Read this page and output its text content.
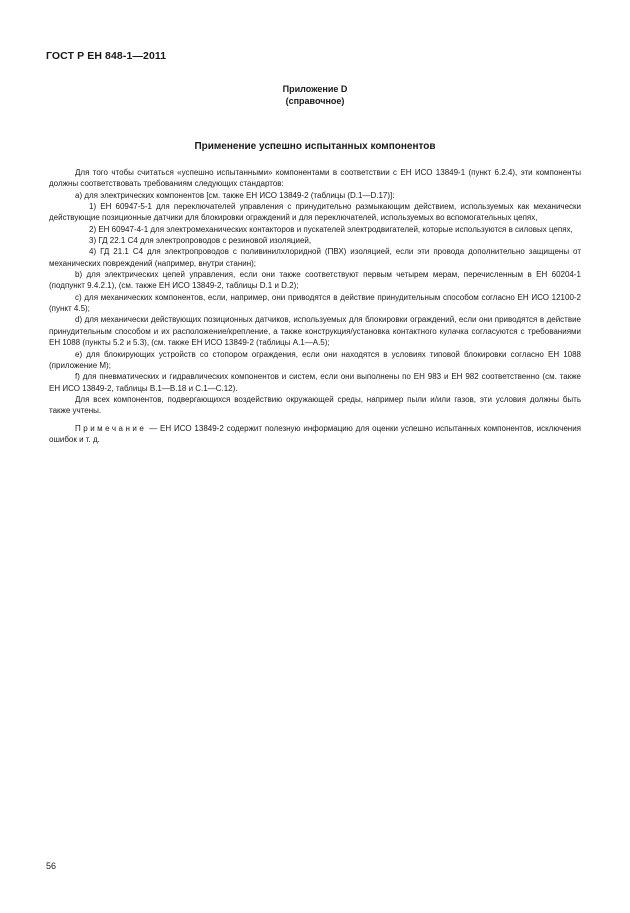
ГОСТ Р ЕН 848-1—2011
Приложение D
(справочное)
Применение успешно испытанных компонентов

Для того чтобы считаться «успешно испытанными» компонентами в соответствии с ЕН ИСО 13849-1 (пункт 6.2.4), эти компоненты должны соответствовать требованиям следующих стандартов:

а) для электрических компонентов [см. также ЕН ИСО 13849-2 (таблицы (D.1—D.17)]:

1) ЕН 60947-5-1 для переключателей управления с принудительно размыкающим действием, используемых как механически действующие позиционные датчики для блокировки ограждений и для переключателей, используемых во вспомогательных цепях,

2) ЕН 60947-4-1 для электромеханических контакторов и пускателей электродвигателей, которые используются в силовых цепях,

3) ГД 22.1 С4 для электропроводов с резиновой изоляцией,

4) ГД 21.1 С4 для электропроводов с поливинилхлоридной (ПВХ) изоляцией, если эти провода дополнительно защищены от механических повреждений (например, внутри станин);

b) для электрических цепей управления, если они также соответствуют первым четырем мерам, перечисленным в ЕН 60204-1 (подпункт 9.4.2.1), (см. также ЕН ИСО 13849-2, таблицы D.1 и D.2);

с) для механических компонентов, если, например, они приводятся в действие принудительным способом согласно ЕН ИСО 12100-2 (пункт 4.5);

d) для механически действующих позиционных датчиков, используемых для блокировки ограждений, если они приводятся в действие принудительным способом и их расположение/крепление, а также конструкция/установка контактного кулачка согласуются с требованиями ЕН 1088 (пункты 5.2 и 5.3), (см. также ЕН ИСО 13849-2 (таблицы А.1—А.5);

е) для блокирующих устройств со стопором ограждения, если они находятся в условиях типовой блокировки согласно ЕН 1088 (приложение М);

f) для пневматических и гидравлических компонентов и систем, если они выполнены по ЕН 983 и ЕН 982 соответственно (см. также ЕН ИСО 13849-2, таблицы В.1—В.18 и С.1—С.12).

Для всех компонентов, подвергающихся воздействию окружающей среды, например пыли и/или газов, эти условия должны быть также учтены.

Примечание — ЕН ИСО 13849-2 содержит полезную информацию для оценки успешно испытанных компонентов, исключения ошибок и т. д.

56
